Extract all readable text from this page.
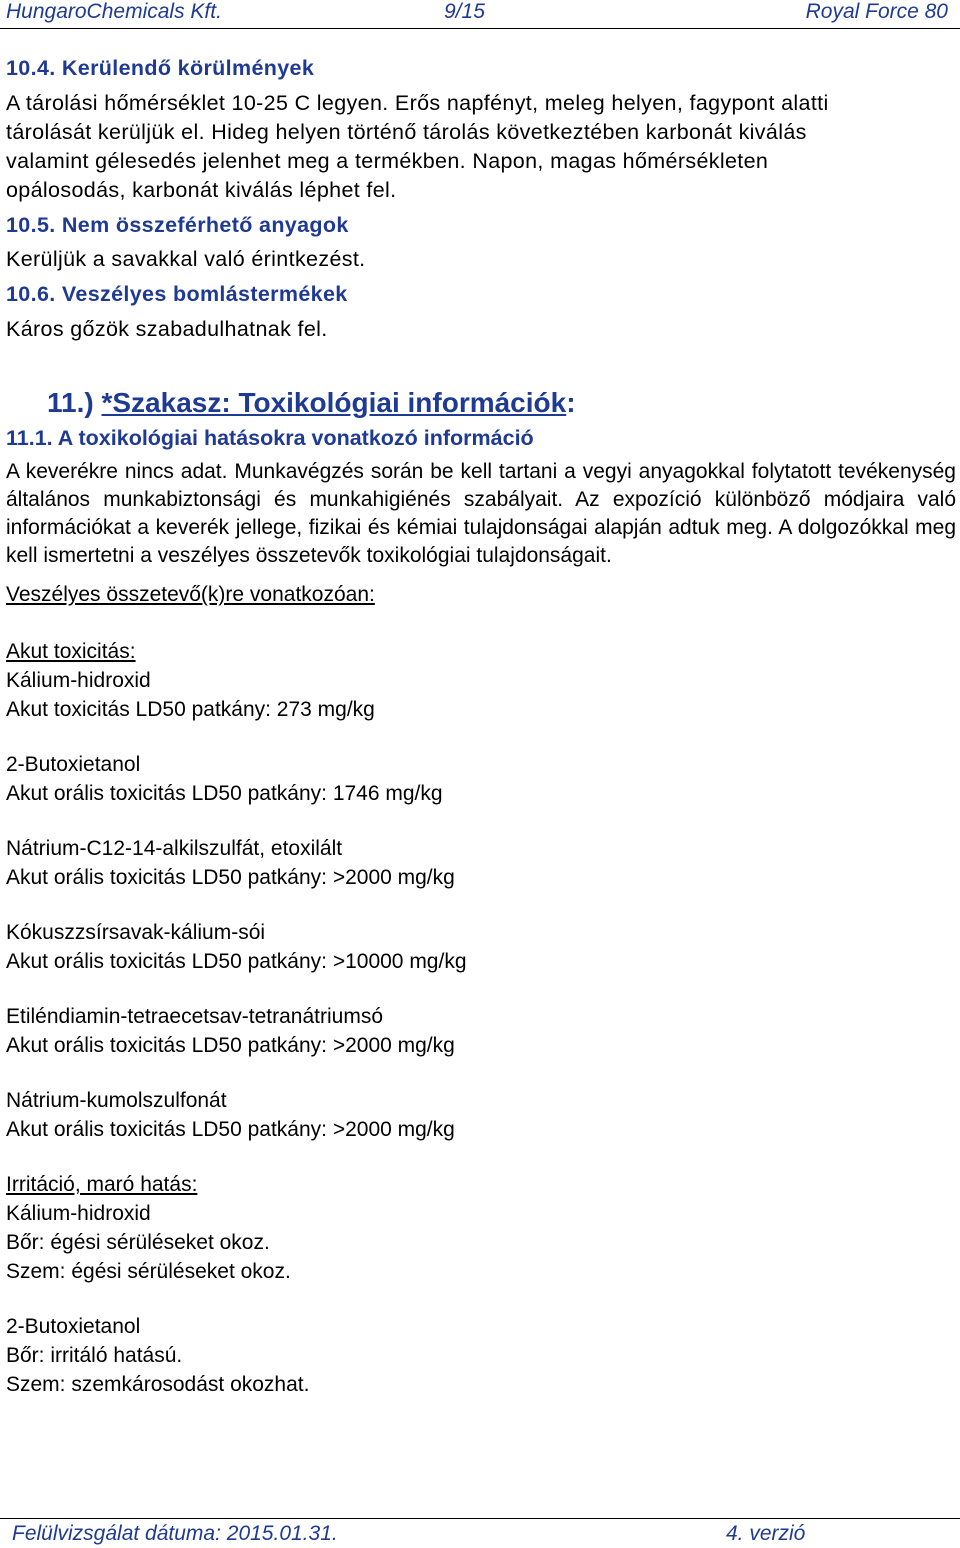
HungaroChemicals Kft.	9/15	Royal Force 80
10.4. Kerülendő körülmények
A tárolási hőmérséklet 10-25 C legyen. Erős napfényt, meleg helyen, fagypont alatti
tárolását kerüljük el. Hideg helyen történő tárolás következtében karbonát kiválás
valamint gélesedés jelenhet meg a termékben. Napon, magas hőmérsékleten
opálosodás, karbonát kiválás léphet fel.
10.5. Nem összeférhető anyagok
Kerüljük a savakkal való érintkezést.
10.6. Veszélyes bomlástermékek
Káros gőzök szabadulhatnak fel.
11.) *Szakasz: Toxikológiai információk:
11.1. A toxikológiai hatásokra vonatkozó információ
A keverékre nincs adat. Munkavégzés során be kell tartani a vegyi anyagokkal folytatott tevékenység általános munkabiztonsági és munkahigiénés szabályait. Az expozíció különböző módjaira való információkat a keverék jellege, fizikai és kémiai tulajdonságai alapján adtuk meg. A dolgozókkal meg kell ismertetni a veszélyes összetevők toxikológiai tulajdonságait.
Veszélyes összetevő(k)re vonatkozóan:
Akut toxicitás:
Kálium-hidroxid
Akut toxicitás LD50 patkány: 273 mg/kg
2-Butoxietanol
Akut orális toxicitás LD50 patkány: 1746 mg/kg
Nátrium-C12-14-alkilszulfát, etoxilált
Akut orális toxicitás LD50 patkány: >2000 mg/kg
Kókuszzsírsavak-kálium-sói
Akut orális toxicitás LD50 patkány: >10000 mg/kg
Etiléndiamin-tetraecetsav-tetranátriumsó
Akut orális toxicitás LD50 patkány: >2000 mg/kg
Nátrium-kumolszulfonát
Akut orális toxicitás LD50 patkány: >2000 mg/kg
Irritáció, maró hatás:
Kálium-hidroxid
Bőr: égési sérüléseket okoz.
Szem: égési sérüléseket okoz.
2-Butoxietanol
Bőr: irritáló hatású.
Szem: szemkárosodást okozhat.
Felülvizsgálat dátuma: 2015.01.31.	4. verzió
